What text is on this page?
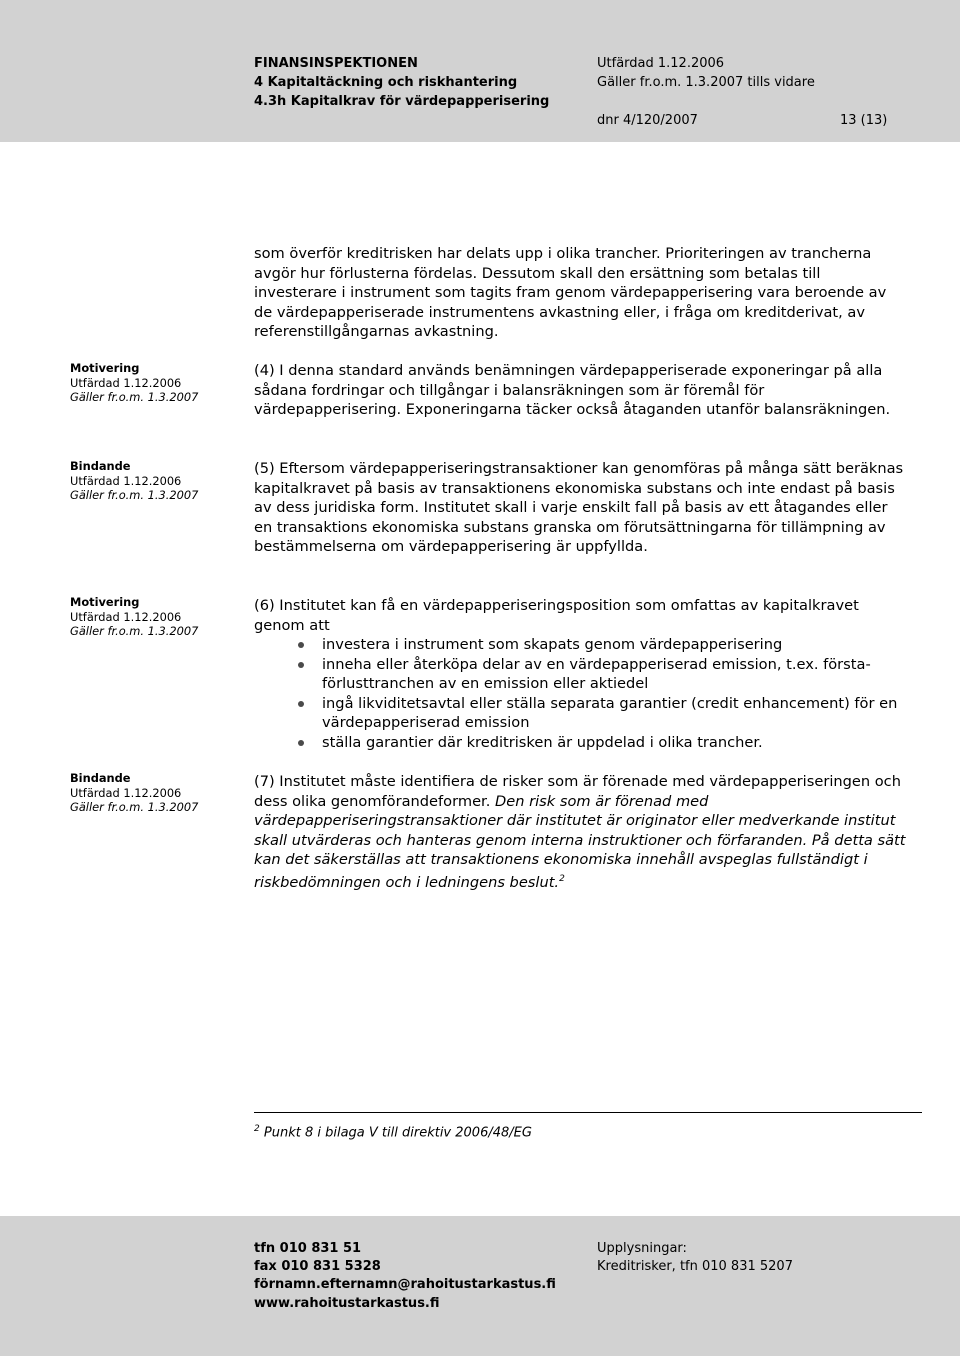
FINANSINSPEKTIONEN
4 Kapitaltäckning och riskhantering
4.3h Kapitalkrav för värdepapperisering
Utfärdad 1.12.2006
Gäller fr.o.m. 1.3.2007 tills vidare
dnr 4/120/2007	13 (13)

som överför kreditrisken har delats upp i olika trancher. Prioriteringen av trancherna avgör hur förlusterna fördelas. Dessutom skall den ersättning som betalas till investerare i instrument som tagits fram genom värdepapperisering vara beroende av de värdepapperiserade instrumentens avkastning eller, i fråga om kreditderivat, av referenstillgångarnas avkastning.

Motivering
Utfärdad 1.12.2006
Gäller fr.o.m. 1.3.2007

(4) I denna standard används benämningen värdepapperiserade exponeringar på alla sådana fordringar och tillgångar i balansräkningen som är föremål för värdepapperisering. Exponeringarna täcker också åtaganden utanför balansräkningen.

Bindande
Utfärdad 1.12.2006
Gäller fr.o.m. 1.3.2007

(5) Eftersom värdepapperiseringstransaktioner kan genomföras på många sätt beräknas kapitalkravet på basis av transaktionens ekonomiska substans och inte endast på basis av dess juridiska form. Institutet skall i varje enskilt fall på basis av ett åtagandes eller en transaktions ekonomiska substans granska om förutsättningarna för tillämpning av bestämmelserna om värdepapperisering är uppfyllda.

Motivering
Utfärdad 1.12.2006
Gäller fr.o.m. 1.3.2007

(6) Institutet kan få en värdepapperiseringsposition som omfattas av kapitalkravet genom att

investera i instrument som skapats genom värdepapperisering
inneha eller återköpa delar av en värdepapperiserad emission, t.ex. första-förlusttranchen av en emission eller aktiedel
ingå likviditetsavtal eller ställa separata garantier (credit enhancement) för en värdepapperiserad emission
ställa garantier där kreditrisken är uppdelad i olika trancher.
Bindande
Utfärdad 1.12.2006
Gäller fr.o.m. 1.3.2007

(7) Institutet måste identifiera de risker som är förenade med värdepapperiseringen och dess olika genomförandeformer. Den risk som är förenad med värdepapperiseringstransaktioner där institutet är originator eller medverkande institut skall utvärderas och hanteras genom interna instruktioner och förfaranden. På detta sätt kan det säkerställas att transaktionens ekonomiska innehåll avspeglas fullständigt i riskbedömningen och i ledningens beslut.$^2$

$^2$ Punkt 8 i bilaga V till direktiv 2006/48/EG
tfn 010 831 51
fax 010 831 5328
förnamn.efternamn@rahoitustarkastus.fi
www.rahoitustarkastus.fi
Upplysningar:
Kreditrisker, tfn 010 831 5207
